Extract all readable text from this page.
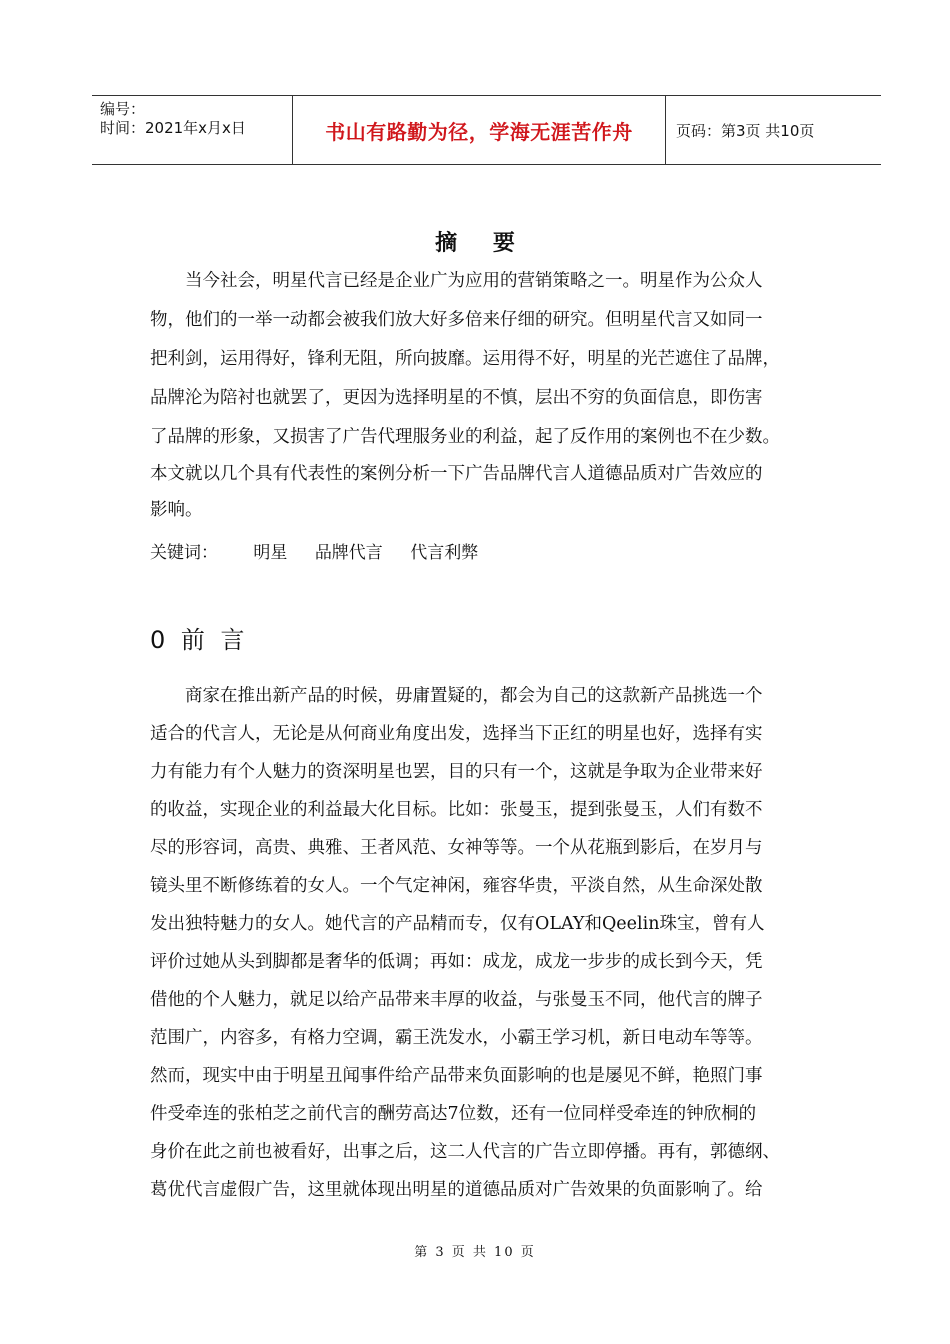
编号：
时间：2021年x月x日	书山有路勤为径，学海无涯苦作舟	页码：第3页 共10页
摘 要
当今社会，明星代言已经是企业广为应用的营销策略之一。明星作为公众人
物，他们的一举一动都会被我们放大好多倍来仔细的研究。但明星代言又如同一
把利剑，运用得好，锋利无阻，所向披靡。运用得不好，明星的光芒遮住了品牌，
品牌沦为陪衬也就罢了，更因为选择明星的不慎，层出不穷的负面信息，即伤害
了品牌的形象，又损害了广告代理服务业的利益，起了反作用的案例也不在少数。
本文就以几个具有代表性的案例分析一下广告品牌代言人道德品质对广告效应的
影响。
关键词： 明星 品牌代言 代言利弊
0 前 言
商家在推出新产品的时候，毋庸置疑的，都会为自己的这款新产品挑选一个
适合的代言人，无论是从何商业角度出发，选择当下正红的明星也好，选择有实
力有能力有个人魅力的资深明星也罢，目的只有一个，这就是争取为企业带来好
的收益，实现企业的利益最大化目标。比如：张曼玉，提到张曼玉，人们有数不
尽的形容词，高贵、典雅、王者风范、女神等等。一个从花瓶到影后，在岁月与
镜头里不断修练着的女人。一个气定神闲，雍容华贵，平淡自然，从生命深处散
发出独特魅力的女人。她代言的产品精而专，仅有OLAY和Qeelin珠宝，曾有人
评价过她从头到脚都是奢华的低调；再如：成龙，成龙一步步的成长到今天，凭
借他的个人魅力，就足以给产品带来丰厚的收益，与张曼玉不同，他代言的牌子
范围广，内容多，有格力空调，霸王洗发水，小霸王学习机，新日电动车等等。
然而，现实中由于明星丑闻事件给产品带来负面影响的也是屡见不鲜，艳照门事
件受牵连的张柏芝之前代言的酬劳高达7位数，还有一位同样受牵连的钟欣桐的
身价在此之前也被看好，出事之后，这二人代言的广告立即停播。再有，郭德纲、
葛优代言虚假广告，这里就体现出明星的道德品质对广告效果的负面影响了。给
第 3 页 共 10 页
